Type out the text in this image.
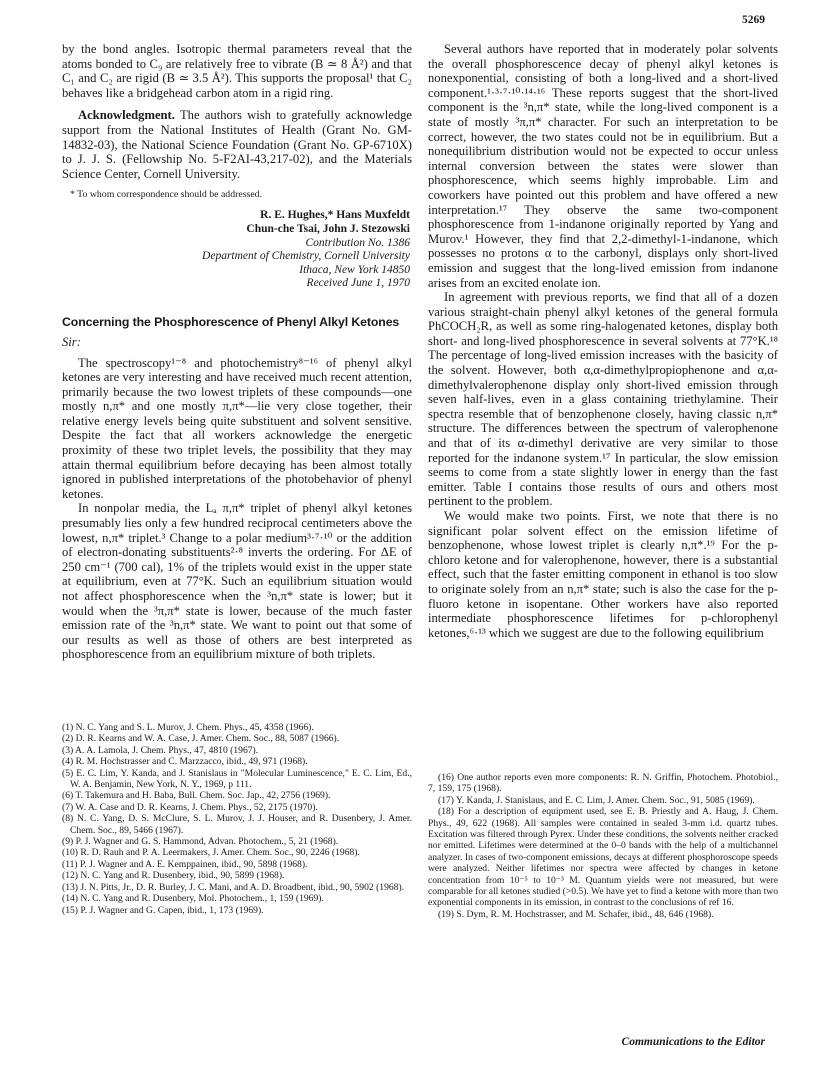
5269

by the bond angles. Isotropic thermal parameters reveal that the atoms bonded to C₉ are relatively free to vibrate (B ≃ 8 Å²) and that C₁ and C₂ are rigid (B ≃ 3.5 Å²). This supports the proposal¹ that C₂ behaves like a bridgehead carbon atom in a rigid ring.

Acknowledgment. The authors wish to gratefully acknowledge support from the National Institutes of Health (Grant No. GM-14832-03), the National Science Foundation (Grant No. GP-6710X) to J. J. S. (Fellowship No. 5-F2AI-43,217-02), and the Materials Science Center, Cornell University.

* To whom correspondence should be addressed.

R. E. Hughes,* Hans Muxfeldt
Chun-che Tsai, John J. Stezowski
Contribution No. 1386
Department of Chemistry, Cornell University
Ithaca, New York 14850
Received June 1, 1970
Concerning the Phosphorescence of Phenyl Alkyl Ketones
Sir:

The spectroscopy¹⁻⁸ and photochemistry⁸⁻¹⁶ of phenyl alkyl ketones are very interesting and have received much recent attention, primarily because the two lowest triplets of these compounds—one mostly n,π* and one mostly π,π*—lie very close together, their relative energy levels being quite substituent and solvent sensitive. Despite the fact that all workers acknowledge the energetic proximity of these two triplet levels, the possibility that they may attain thermal equilibrium before decaying has been almost totally ignored in published interpretations of the photobehavior of phenyl ketones.

In nonpolar media, the Lₐ π,π* triplet of phenyl alkyl ketones presumably lies only a few hundred reciprocal centimeters above the lowest, n,π* triplet.³ Change to a polar medium³·⁷·¹⁰ or the addition of electron-donating substituents²·⁸ inverts the ordering. For ΔE of 250 cm⁻¹ (700 cal), 1% of the triplets would exist in the upper state at equilibrium, even at 77°K. Such an equilibrium situation would not affect phosphorescence when the ³n,π* state is lower; but it would when the ³π,π* state is lower, because of the much faster emission rate of the ³n,π* state. We want to point out that some of our results as well as those of others are best interpreted as phosphorescence from an equilibrium mixture of both triplets.

Several authors have reported that in moderately polar solvents the overall phosphorescence decay of phenyl alkyl ketones is nonexponential, consisting of both a long-lived and a short-lived component.¹·³·⁷·¹⁰·¹⁴·¹⁶ These reports suggest that the short-lived component is the ³n,π* state, while the long-lived component is a state of mostly ³π,π* character. For such an interpretation to be correct, however, the two states could not be in equilibrium. But a nonequilibrium distribution would not be expected to occur unless internal conversion between the states were slower than phosphorescence, which seems highly improbable. Lim and coworkers have pointed out this problem and have offered a new interpretation.¹⁷ They observe the same two-component phosphorescence from 1-indanone originally reported by Yang and Murov.¹ However, they find that 2,2-dimethyl-1-indanone, which possesses no protons α to the carbonyl, displays only short-lived emission and suggest that the long-lived emission from indanone arises from an excited enolate ion.

In agreement with previous reports, we find that all of a dozen various straight-chain phenyl alkyl ketones of the general formula PhCOCH₂R, as well as some ring-halogenated ketones, display both short- and long-lived phosphorescence in several solvents at 77°K.¹⁸ The percentage of long-lived emission increases with the basicity of the solvent. However, both α,α-dimethylpropiophenone and α,α-dimethylvalerophenone display only short-lived emission through seven half-lives, even in a glass containing triethylamine. Their spectra resemble that of benzophenone closely, having classic n,π* structure. The differences between the spectrum of valerophenone and that of its α-dimethyl derivative are very similar to those reported for the indanone system.¹⁷ In particular, the slow emission seems to come from a state slightly lower in energy than the fast emitter. Table I contains those results of ours and others most pertinent to the problem.

We would make two points. First, we note that there is no significant polar solvent effect on the emission lifetime of benzophenone, whose lowest triplet is clearly n,π*.¹⁹ For the p-chloro ketone and for valerophenone, however, there is a substantial effect, such that the faster emitting component in ethanol is too slow to originate solely from an n,π* state; such is also the case for the p-fluoro ketone in isopentane. Other workers have also reported intermediate phosphorescence lifetimes for p-chlorophenyl ketones,⁶·¹³ which we suggest are due to the following equilibrium

(1) N. C. Yang and S. L. Murov, J. Chem. Phys., 45, 4358 (1966).
(2) D. R. Kearns and W. A. Case, J. Amer. Chem. Soc., 88, 5087 (1966).
(3) A. A. Lamola, J. Chem. Phys., 47, 4810 (1967).
(4) R. M. Hochstrasser and C. Marzzacco, ibid., 49, 971 (1968).
(5) E. C. Lim, Y. Kanda, and J. Stanislaus in "Molecular Luminescence," E. C. Lim, Ed., W. A. Benjamin, New York, N. Y., 1969, p 111.
(6) T. Takemura and H. Baba, Bull. Chem. Soc. Jap., 42, 2756 (1969).
(7) W. A. Case and D. R. Kearns, J. Chem. Phys., 52, 2175 (1970).
(8) N. C. Yang, D. S. McClure, S. L. Murov, J. J. Houser, and R. Dusenbery, J. Amer. Chem. Soc., 89, 5466 (1967).
(9) P. J. Wagner and G. S. Hammond, Advan. Photochem., 5, 21 (1968).
(10) R. D. Rauh and P. A. Leermakers, J. Amer. Chem. Soc., 90, 2246 (1968).
(11) P. J. Wagner and A. E. Kemppainen, ibid., 90, 5898 (1968).
(12) N. C. Yang and R. Dusenbery, ibid., 90, 5899 (1968).
(13) J. N. Pitts, Jr., D. R. Burley, J. C. Mani, and A. D. Broadbent, ibid., 90, 5902 (1968).
(14) N. C. Yang and R. Dusenbery, Mol. Photochem., 1, 159 (1969).
(15) P. J. Wagner and G. Capen, ibid., 1, 173 (1969).
(16) One author reports even more components: R. N. Griffin, Photochem. Photobiol., 7, 159, 175 (1968).
(17) Y. Kanda, J. Stanislaus, and E. C. Lim, J. Amer. Chem. Soc., 91, 5085 (1969).
(18) For a description of equipment used, see E. B. Priestly and A. Haug, J. Chem. Phys., 49, 622 (1968). All samples were contained in sealed 3-mm i.d. quartz tubes. Excitation was filtered through Pyrex. Under these conditions, the solvents neither cracked nor emitted. Lifetimes were determined at the 0–0 bands with the help of a multichannel analyzer. In cases of two-component emissions, decays at different phosphoroscope speeds were analyzed. Neither lifetimes nor spectra were affected by changes in ketone concentration from 10⁻⁵ to 10⁻³ M. Quantum yields were not measured, but were comparable for all ketones studied (>0.5). We have yet to find a ketone with more than two exponential components in its emission, in contrast to the conclusions of ref 16.
(19) S. Dym, R. M. Hochstrasser, and M. Schafer, ibid., 48, 646 (1968).
Communications to the Editor
